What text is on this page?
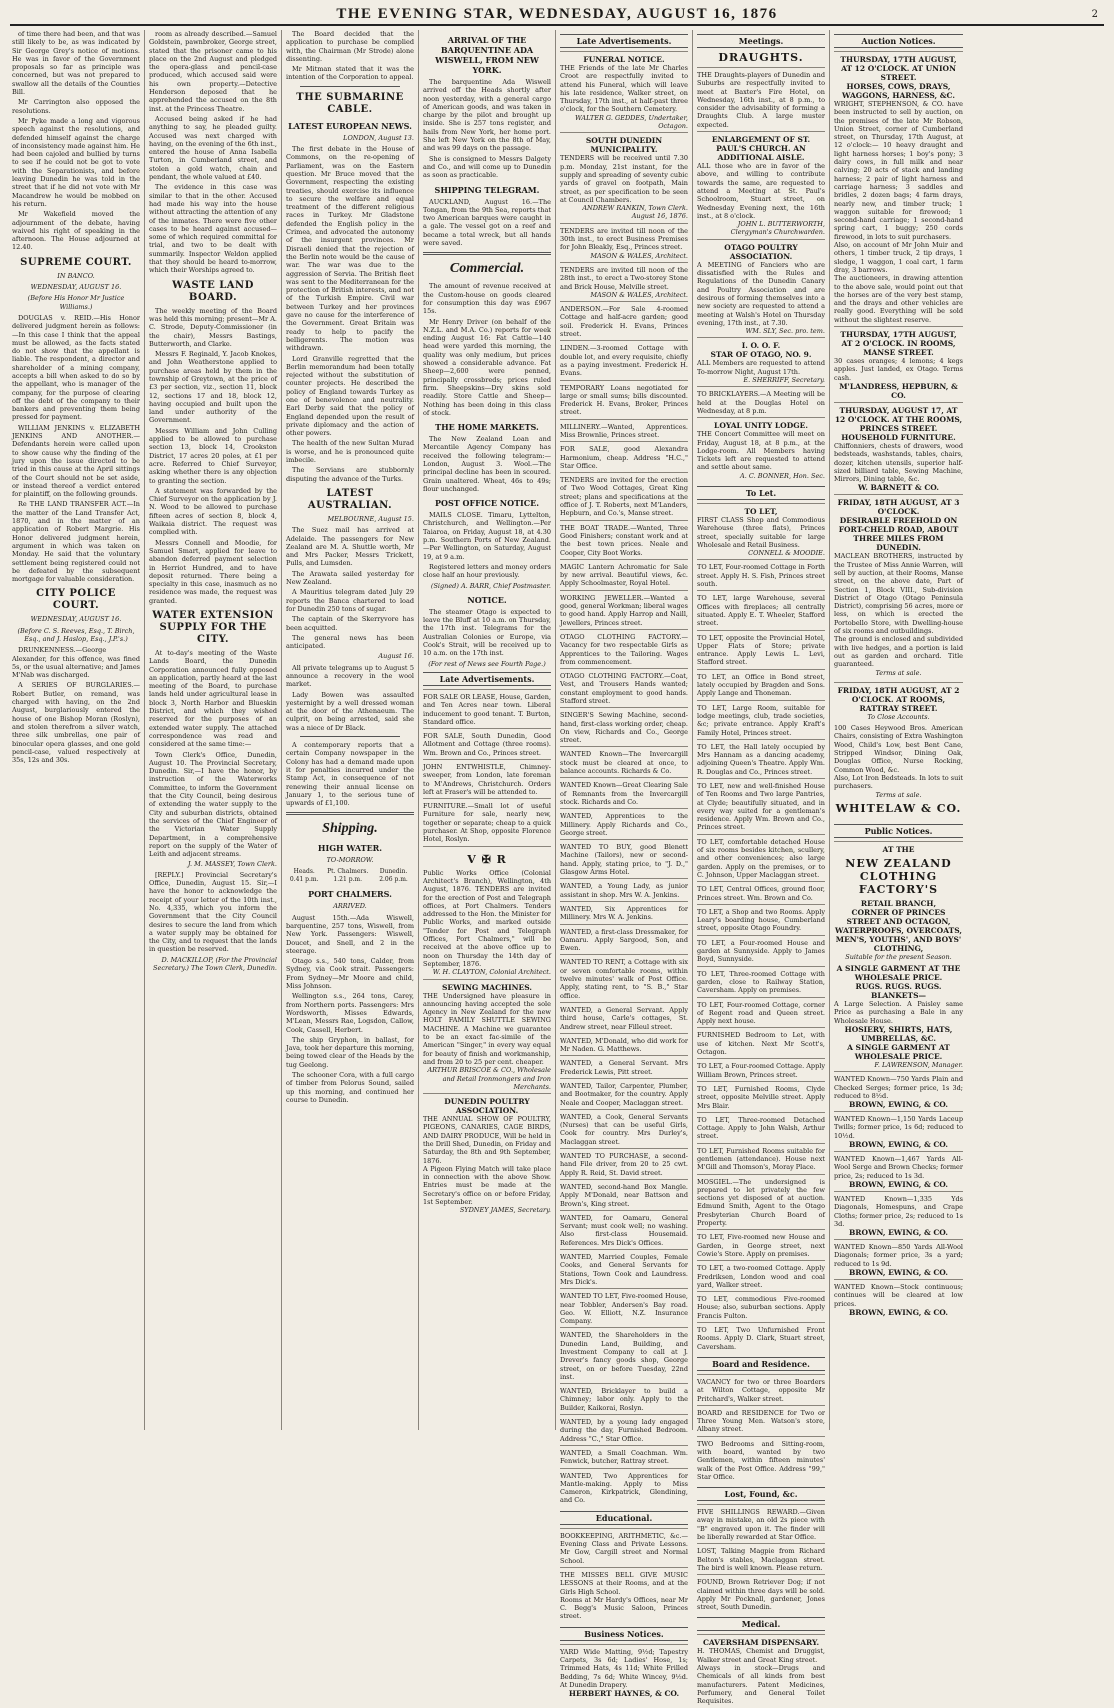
THE EVENING STAR, WEDNESDAY, AUGUST 16, 1876	2

of time there had been, and that was still likely to be, as was indicated by Sir George Grey's notice of motions. He was in favor of the Government proposals so far as principle was concerned, but was not prepared to swallow all the details of the Counties Bill.

Mr Carrington also opposed the resolutions.

Mr Pyke made a long and vigorous speech against the resolutions, and defended himself against the charge of inconsistency made against him. He had been cajoled and bullied by turns to see if he could not be got to vote with the Separationists, and before leaving Dunedin he was told in the street that if he did not vote with Mr Macandrew he would be mobbed on his return.

Mr Wakefield moved the adjournment of the debate, having waived his right of speaking in the afternoon. The House adjourned at 12.40.

SUPREME COURT.
IN BANCO.
WEDNESDAY, AUGUST 16.
(Before His Honor Mr Justice Williams.)

DOUGLAS v. REID.—His Honor delivered judgment herein as follows:—In this case I think that the appeal must be allowed, as the facts stated do not show that the appellant is liable. The respondent, a director and shareholder of a mining company, accepts a bill when asked to do so by the appellant, who is manager of the company, for the purpose of clearing off the debt of the company to their bankers and preventing them being pressed for payment.

WILLIAM JENKINS v. ELIZABETH JENKINS AND ANOTHER.—Defendants herein were called upon to show cause why the finding of the jury upon the issue directed to be tried in this cause at the April sittings of the Court should not be set aside, or instead thereof a verdict entered for plaintiff, on the following grounds.

Re THE LAND TRANSFER ACT.—In the matter of the Land Transfer Act, 1870, and in the matter of an application of Robert Margrie. His Honor delivered judgment herein, argument in which was taken on Monday. He said that the voluntary settlement being registered could not be defeated by the subsequent mortgage for valuable consideration.

CITY POLICE COURT.
WEDNESDAY, AUGUST 16.
(Before C. S. Reeves, Esq., T. Birch, Esq., and J. Haslop, Esq., J.P.'s.)

DRUNKENNESS.—George Alexander, for this offence, was fined 5s, or the usual alternative; and James M'Nab was discharged.

A SERIES OF BURGLARIES.—Robert Butler, on remand, was charged with having, on the 2nd August, burglariously entered the house of one Bishop Moran (Roslyn), and stolen therefrom a silver watch, three silk umbrellas, one pair of binocular opera glasses, and one gold pencil-case, valued respectively at 35s, 12s and 30s.

room as already described.—Samuel Goldstein, pawnbroker, George street, stated that the prisoner came to his place on the 2nd August and pledged the opera-glass and pencil-case produced, which accused said were his own property.—Detective Henderson deposed that he apprehended the accused on the 8th inst. at the Princess Theatre.

Accused being asked if he had anything to say, he pleaded guilty. Accused was next charged with having, on the evening of the 6th inst., entered the house of Anna Isabella Turton, in Cumberland street, and stolen a gold watch, chain and pendant, the whole valued at £40.

The evidence in this case was similar to that in the other. Accused had made his way into the house without attracting the attention of any of the inmates. There were five other cases to be heard against accused—some of which required committal for trial, and two to be dealt with summarily. Inspector Weldon applied that they should be heard to-morrow, which their Worships agreed to.

WASTE LAND BOARD.

The weekly meeting of the Board was held this morning; present—Mr A. C. Strode, Deputy-Commissioner (in the chair), Messrs Bastings, Butterworth, and Clarke.

Messrs F. Reginald, Y. Jacob Knokes, and John Weatherstone applied to purchase areas held by them in the township of Greytown, at the price of £3 per section, viz., section 11, block 12, sections 17 and 18, block 12, having occupied and built upon the land under authority of the Government.

Messrs William and John Culling applied to be allowed to purchase section 13, block 14, Crookston District, 17 acres 20 poles, at £1 per acre. Referred to Chief Surveyor, asking whether there is any objection to granting the section.

A statement was forwarded by the Chief Surveyor on the application by J. N. Wood to be allowed to purchase fifteen acres of section 8, block 4, Waikaia district. The request was complied with.

Messrs Connell and Moodie, for Samuel Smart, applied for leave to abandon deferred payment selection in Herriot Hundred, and to have deposit returned. There being a specialty in this case, inasmuch as no residence was made, the request was granted.

WATER EXTENSION SUPPLY FOR THE CITY.

At to-day's meeting of the Waste Lands Board, the Dunedin Corporation announced fully opposed an application, partly heard at the last meeting of the Board, to purchase lands held under agricultural lease in block 3, North Harbor and Blueskin District, and which they wished reserved for the purposes of an extended water supply. The attached correspondence was read and considered at the same time:—

Town Clerk's Office, Dunedin, August 10. The Provincial Secretary, Dunedin. Sir,—I have the honor, by instruction of the Waterworks Committee, to inform the Government that the City Council, being desirous of extending the water supply to the City and suburban districts, obtained the services of the Chief Engineer of the Victorian Water Supply Department, in a comprehensive report on the supply of the Water of Leith and adjacent streams.

J. M. MASSEY, Town Clerk.

[REPLY.] Provincial Secretary's Office, Dunedin, August 15. Sir,—I have the honor to acknowledge the receipt of your letter of the 10th inst., No. 4,335, which you inform the Government that the City Council desires to secure the land from which a water supply may be obtained for the City, and to request that the lands in question be reserved.

D. MACKILLOP, (For the Provincial Secretary.) The Town Clerk, Dunedin.

The Board decided that the application to purchase be complied with, the Chairman (Mr Strode) alone dissenting.

Mr Mitman stated that it was the intention of the Corporation to appeal.

THE SUBMARINE CABLE.
LATEST EUROPEAN NEWS.
LONDON, August 13.

The first debate in the House of Commons, on the re-opening of Parliament, was on the Eastern question. Mr Bruce moved that the Government, respecting the existing treaties, should exercise its influence to secure the welfare and equal treatment of the different religious races in Turkey. Mr Gladstone defended the English policy in the Crimea, and advocated the autonomy of the insurgent provinces. Mr Disraeli denied that the rejection of the Berlin note would be the cause of war. The war was due to the aggression of Servia. The British fleet was sent to the Mediterranean for the protection of British interests, and not of the Turkish Empire. Civil war between Turkey and her provinces gave no cause for the interference of the Government. Great Britain was ready to help to pacify the belligerents. The motion was withdrawn.

Lord Granville regretted that the Berlin memorandum had been totally rejected without the substitution of counter projects. He described the policy of England towards Turkey as one of benevolence and neutrality. Earl Derby said that the policy of England depended upon the result of private diplomacy and the action of other powers.

The health of the new Sultan Murad is worse, and he is pronounced quite imbecile.

The Servians are stubbornly disputing the advance of the Turks.

LATEST AUSTRALIAN.
MELBOURNE, August 15.

The Suez mail has arrived at Adelaide. The passengers for New Zealand are M. A. Shuttle worth, Mr and Mrs Packer, Messrs Trickett, Pulls, and Lumsden.

The Arawata sailed yesterday for New Zealand.

A Mauritius telegram dated July 29 reports the Banca chartered to load for Dunedin 250 tons of sugar.

The captain of the Skerryvore has been acquitted.

The general news has been anticipated.

August 16.

All private telegrams up to August 5 announce a recovery in the wool market.

Lady Bowen was assaulted yesternight by a well dressed woman at the door of the Athenaeum. The culprit, on being arrested, said she was a niece of Dr Black.

A contemporary reports that a certain Company nowspaper in the Colony has had a demand made upon it for penalties incurred under the Stamp Act, in consequence of not renewing their annual license on January 1, to the serious tune of upwards of £1,100.

Shipping.
HIGH WATER.
TO-MORROW.
Heads. 0.41 p.m.
Pt. Chalmers. 1.21 p.m.
Dunedin. 2.06 p.m.
PORT CHALMERS.
ARRIVED.

August 15th.—Ada Wiswell, barquentine, 257 tons, Wiswell, from New York. Passengers: Wiswell, Doucet, and Snell, and 2 in the steerage.

Otago s.s., 540 tons, Calder, from Sydney, via Cook strait. Passengers: From Sydney—Mr Moore and child, Miss Johnson.

Wellington s.s., 264 tons, Carey, from Northern ports. Passengers: Mrs Wordsworth, Misses Edwards, M'Lean, Messrs Rae, Logsdon, Callow, Cook, Cassell, Herbert.

The ship Gryphon, in ballast, for Java, took her departure this morning, being towed clear of the Heads by the tug Geelong.

The schooner Cora, with a full cargo of timber from Pelorus Sound, sailed up this morning, and continued her course to Dunedin.

ARRIVAL OF THE BARQUENTINE ADA WISWELL, FROM NEW YORK.

The barquentine Ada Wiswell arrived off the Heads shortly after noon yesterday, with a general cargo of American goods, and was taken in charge by the pilot and brought up inside. She is 257 tons register, and hails from New York, her home port. She left New York on the 8th of May, and was 99 days on the passage.

She is consigned to Messrs Dalgety and Co., and will come up to Dunedin as soon as practicable.

SHIPPING TELEGRAM.

AUCKLAND, August 16.—The Tongan, from the 9th Sea, reports that two American barques were caught in a gale. The vessel got on a reef and became a total wreck, but all hands were saved.

Commercial.

The amount of revenue received at the Custom-house on goods cleared for consumption this day was £967 15s.

Mr Henry Driver (on behalf of the N.Z.L. and M.A. Co.) reports for week ending August 16: Fat Cattle—140 head were yarded this morning, the quality was only medium, but prices showed a considerable advance. Fat Sheep—2,600 were penned, principally crossbreds; prices ruled firm. Sheepskins—Dry skins sold readily. Store Cattle and Sheep—Nothing has been doing in this class of stock.

THE HOME MARKETS.

The New Zealand Loan and Mercantile Agency Company has received the following telegram:— London, August 3. Wool.—The principal decline has been in scoured. Grain unaltered. Wheat, 46s to 49s; flour unchanged.

POST OFFICE NOTICE.

MAILS CLOSE. Timaru, Lyttelton, Christchurch, and Wellington.—Per Taiaroa, on Friday, August 18, at 4.30 p.m. Southern Ports of New Zealand.—Per Wellington, on Saturday, August 19, at 9 a.m.

Registered letters and money orders close half an hour previously.

(Signed) A. BARR, Chief Postmaster.

NOTICE.

The steamer Otago is expected to leave the Bluff at 10 a.m. on Thursday, the 17th inst. Telegrams for the Australian Colonies or Europe, via Cook's Strait, will be received up to 10 a.m. on the 17th inst.

(For rest of News see Fourth Page.)
Late Advertisements.
FOR SALE OR LEASE, House, Garden, and Ten Acres near town. Liberal inducement to good tenant. T. Burton, Standard office.
FOR SALE, South Dunedin, Good Allotment and Cottage (three rooms). Wm. Brown and Co., Princes street.
JOHN ENTWHISTLE, Chimney-sweeper, from London, late foreman to M'Andrews, Christchurch. Orders left at Fraser's will be attended to.
FURNITURE.—Small lot of useful Furniture for sale, nearly new, together or separate; cheap to a quick purchaser. At Shop, opposite Florence Hotel, Roslyn.
V ✠ R
Public Works Office (Colonial Architect's Branch), Wellington, 4th August, 1876. TENDERS are invited for the erection of Post and Telegraph offices, at Port Chalmers. Tenders addressed to the Hon. the Minister for Public Works, and marked outside "Tender for Post and Telegraph Offices, Port Chalmers," will be received at the above office up to noon on Thursday the 14th day of September, 1876.
W. H. CLAYTON, Colonial Architect.
SEWING MACHINES.
THE Undersigned have pleasure in announcing having accepted the sole Agency in New Zealand for the new HOLT FAMILY SHUTTLE SEWING MACHINE. A Machine we guarantee to be an exact fac-simile of the American "Singer," in every way equal for beauty of finish and workmanship, and from 20 to 25 per cent. cheaper.
ARTHUR BRISCOE & CO., Wholesale and Retail Ironmongers and Iron Merchants.
DUNEDIN POULTRY ASSOCIATION.
THE ANNUAL SHOW OF POULTRY, PIGEONS, CANARIES, CAGE BIRDS, AND DAIRY PRODUCE, Will be held in the Drill Shed, Dunedin, on Friday and Saturday, the 8th and 9th September, 1876.
A Pigeon Flying Match will take place in connection with the above Show. Entries must be made at the Secretary's office on or before Friday, 1st September.
SYDNEY JAMES, Secretary.
Late Advertisements.
FUNERAL NOTICE.
THE Friends of the late Mr Charles Croot are respectfully invited to attend his Funeral, which will leave his late residence, Walker street, on Thursday, 17th inst., at half-past three o'clock, for the Southern Cemetery.
WALTER G. GEDDES, Undertaker, Octagon.
SOUTH DUNEDIN MUNICIPALITY.
TENDERS will be received until 7.30 p.m. Monday, 21st instant, for the supply and spreading of seventy cubic yards of gravel on footpath, Main street, as per specification to be seen at Council Chambers.
ANDREW RANKIN, Town Clerk. August 16, 1876.
TENDERS are invited till noon of the 30th inst., to erect Business Premises for John Bleakly, Esq., Princes street.
MASON & WALES, Architect.
TENDERS are invited till noon of the 28th inst., to erect a Two-storey Stone and Brick House, Melville street.
MASON & WALES, Architect.
ANDERSON.—For Sale 4-roomed Cottage and half-acre garden; good soil. Frederick H. Evans, Princes street.
LINDEN.—3-roomed Cottage with double lot, and every requisite, chiefly as a paying investment. Frederick H. Evans.
TEMPORARY Loans negotiated for large or small sums; bills discounted. Frederick H. Evans, Broker, Princes street.
MILLINERY.—Wanted, Apprentices. Miss Brownlie, Princes street.
FOR SALE, good Alexandra Harmonium, cheap. Address "H.C.," Star Office.
TENDERS are invited for the erection of Two Wood Cottages, Great King street; plans and specifications at the office of J. T. Roberts, next M'Landers, Hepburn, and Co.'s, Manse street.
THE BOAT TRADE.—Wanted, Three Good Finishers; constant work and at the best town prices. Neale and Cooper, City Boot Works.
MAGIC Lantern Achromatic for Sale by new arrival. Beautiful views, &c. Apply Schoolmaster, Royal Hotel.
WORKING JEWELLER.—Wanted a good, general Workman; liberal wages to good hand. Apply Harrop and Naill, Jewellers, Princes street.
OTAGO CLOTHING FACTORY.—Vacancy for two respectable Girls as Apprentices to the Tailoring. Wages from commencement.
OTAGO CLOTHING FACTORY.—Coat, Vest, and Trousers Hands wanted; constant employment to good hands. Stafford street.
SINGER'S Sewing Machine, second-hand, first-class working order, cheap. On view, Richards and Co., George street.
WANTED Known—The Invercargill stock must be cleared at once, to balance accounts. Richards & Co.
WANTED Known—Great Clearing Sale of Remnants from the Invercargill stock. Richards and Co.
WANTED, Apprentices to the Millinery. Apply Richards and Co., George street.
WANTED TO BUY, good Blenett Machine (Tailors), new or second-hand. Apply, stating price, to "J. D.," Glasgow Arms Hotel.
WANTED, a Young Lady, as junior assistant in shop. Mrs W. A. Jenkins.
WANTED, Six Apprentices for Millinery. Mrs W. A. Jenkins.
WANTED, a first-class Dressmaker, for Oamaru. Apply Sargood, Son, and Ewen.
WANTED TO RENT, a Cottage with six or seven comfortable rooms, within twelve minutes' walk of Post Office. Apply, stating rent, to "S. B.," Star office.
WANTED, a General Servant. Apply third house, Carle's cottages, St. Andrew street, near Filleul street.
WANTED, M'Donald, who did work for Mr Naden. G. Matthews.
WANTED, a General Servant. Mrs Frederick Lewis, Pitt street.
WANTED, Tailor, Carpenter, Plumber, and Bootmaker, for the country. Apply Neale and Cooper, Maclaggan street.
WANTED, a Cook, General Servants (Nurses) that can be useful Girls, Cook for country. Mrs Durley's, Maclaggan street.
WANTED TO PURCHASE, a second-hand File driver, from 20 to 25 cwt. Apply R. Reid, St. David street.
WANTED, second-hand Box Mangle. Apply M'Donald, near Battson and Brown's, King street.
WANTED, for Oamaru, General Servant; must cook well; no washing. Also first-class Housemaid. References. Mrs Dick's Offices.
WANTED, Married Couples, Female Cooks, and General Servants for Stations, Town Cook and Laundress. Mrs Dick's.
WANTED TO LET, Five-roomed House, near Tobbler, Andersen's Bay road. Geo. W. Elliott, N.Z. Insurance Company.
WANTED, the Shareholders in the Dunedin Land, Building, and Investment Company to call at J. Drever's fancy goods shop, George street, on or before Tuesday, 22nd inst.
WANTED, Bricklayer to build a Chimney; labor only. Apply to the Builder, Kaikorai, Roslyn.
WANTED, by a young lady engaged during the day, Furnished Bedroom. Address "C.," Star Office.
WANTED, a Small Coachman. Wm. Fenwick, butcher, Rattray street.
WANTED, Two Apprentices for Mantle-making. Apply to Miss Cameron, Kirkpatrick, Glendining, and Co.
Educational.
BOOKKEEPING, ARITHMETIC, &c.— Evening Class and Private Lessons. Mr Gow, Cargill street and Normal School.
THE MISSES BELL GIVE MUSIC LESSONS at their Rooms, and at the Girls High School.
Rooms at Mr Hardy's Offices, near Mr C. Begg's Music Saloon, Princes street.
Business Notices.
YARD Wide Matting, 9½d; Tapestry Carpets, 3s 6d; Ladies' Hose, 1s; Trimmed Hats, 4s 11d; White Frilled Bedding, 7s 6d; White Wincey, 9½d. At Dunedin Drapery.
HERBERT HAYNES, & CO.
Meetings.
DRAUGHTS.
THE Draughts-players of Dunedin and Suburbs are respectfully invited to meet at Baxter's Fire Hotel, on Wednesday, 16th inst., at 8 p.m., to consider the advisability of forming a Draughts Club. A large muster expected.
ENLARGEMENT OF ST. PAUL'S CHURCH. AN ADDITIONAL AISLE.
ALL those who are in favor of the above, and willing to contribute towards the same, are requested to attend a Meeting at St. Paul's Schoolroom, Stuart street, on Wednesday Evening next, the 16th inst., at 8 o'clock.
JOHN L. BUTTERWORTH, Clergyman's Churchwarden.
OTAGO POULTRY ASSOCIATION.
A MEETING of Fanciers who are dissatisfied with the Rules and Regulations of the Dunedin Canary and Poultry Association and are desirous of forming themselves into a new society are requested to attend a meeting at Walsh's Hotel on Thursday evening, 17th inst., at 7.30.
WM. SLY, Sec. pro. tem.
I. O. O. F.
STAR OF OTAGO, NO. 9.
ALL Members are requested to attend To-morrow Night, August 17th.
E. SHERRIFF, Secretary.
TO BRICKLAYERS.—A Meeting will be held at the Douglas Hotel on Wednesday, at 8 p.m.
LOYAL UNITY LODGE.
THE Concert Committee will meet on Friday, August 18, at 8 p.m., at the Lodge-room. All Members having Tickets left are requested to attend and settle about same.
A. C. BONNER, Hon. Sec.
To Let.
TO LET,
FIRST CLASS Shop and Commodious Warehouse (three flats), Princes street, specially suitable for large Wholesale and Retail Business.
CONNELL & MOODIE.
TO LET, Four-roomed Cottage in Forth street. Apply H. S. Fish, Princes street south.
TO LET, large Warehouse, several Offices with fireplaces; all centrally situated. Apply E. T. Wheeler, Stafford street.
TO LET, opposite the Provincial Hotel, Upper Flats of Store; private entrance. Apply Lewis L. Levi, Stafford street.
TO LET, an Office in Bond street, lately occupied by Bragden and Sons. Apply Lange and Thoneman.
TO LET, Large Room, suitable for lodge meetings, club, trade societies, &c; private entrance. Apply Kraft's Family Hotel, Princes street.
TO LET, the Hall lately occupied by Mrs Hannam as a dancing academy, adjoining Queen's Theatre. Apply Wm. R. Douglas and Co., Princes street.
TO LET, new and well-finished House of Ten Rooms and Two large Pantries, at Clyde; beautifully situated, and in every way suited for a gentleman's residence. Apply Wm. Brown and Co., Princes street.
TO LET, comfortable detached House of six rooms besides kitchen, scullery, and other conveniences; also large garden. Apply on the premises, or to C. Johnson, Upper Maclaggan street.
TO LET, Central Offices, ground floor, Princes street. Wm. Brown and Co.
TO LET, a Shop and two Rooms. Apply Leary's boarding house, Cumberland street, opposite Otago Foundry.
TO LET, a Four-roomed House and garden at Sunnyside. Apply to James Boyd, Sunnyside.
TO LET, Three-roomed Cottage with garden, close to Railway Station, Caversham. Apply on premises.
TO LET, Four-roomed Cottage, corner of Regent road and Queen street. Apply next house.
FURNISHED Bedroom to Let, with use of kitchen. Next Mr Scott's, Octagon.
TO LET, a Four-roomed Cottage. Apply William Brown, Princes street.
TO LET, Furnished Rooms, Clyde street, opposite Melville street. Apply Mrs Blair.
TO LET, Three-roomed Detached Cottage. Apply to John Walsh, Arthur street.
TO LET, Furnished Rooms suitable for gentlemen (attendance). House next M'Gill and Thomson's, Moray Place.
MOSGIEL.—The undersigned is prepared to let privately the few sections yet disposed of at auction. Edmund Smith, Agent to the Otago Presbyterian Church Board of Property.
TO LET, Five-roomed new House and Garden, in George street, next Cowie's Store. Apply on premises.
TO LET, a two-roomed Cottage. Apply Fredriksen, London wood and coal yard, Walker street.
TO LET, commodious Five-roomed House; also, suburban sections. Apply Francis Fulton.
TO LET, Two Unfurnished Front Rooms. Apply D. Clark, Stuart street, Caversham.
Board and Residence.
VACANCY for two or three Boarders at Wilton Cottage, opposite Mr Pritchard's, Walker street.
BOARD and RESIDENCE for Two or Three Young Men. Watson's store, Albany street.
TWO Bedrooms and Sitting-room, with board, wanted by two Gentlemen, within fifteen minutes' walk of the Post Office. Address "99," Star Office.
Lost, Found, &c.
FIVE SHILLINGS REWARD.—Given away in mistake, an old 2s piece with "B" engraved upon it. The finder will be liberally rewarded at Star Office.
LOST, Talking Magpie from Richard Belton's stables, Maclaggan street. The bird is well known. Please return.
FOUND, Brown Retriever Dog; if not claimed within three days will be sold. Apply Mr Pocknall, gardener, Jones street, South Dunedin.
Medical.
CAVERSHAM DISPENSARY.
H. THOMAS, Chemist and Druggist, Walker street and Great King street.
Always in stock—Drugs and Chemicals of all kinds from best manufacturers. Patent Medicines, Perfumery, and General Toilet Requisites.
Auction Notices.
THURSDAY, 17TH AUGUST, AT 12 O'CLOCK. AT UNION STREET.
HORSES, COWS, DRAYS, WAGGONS, HARNESS, &C.
WRIGHT, STEPHENSON, & CO. have been instructed to sell by auction, on the premises of the late Mr Robson, Union Street, corner of Cumberland street, on Thursday, 17th August, at 12 o'clock:— 10 heavy draught and light harness horses; 1 boy's pony; 3 dairy cows, in full milk and near calving; 20 acts of stack and landing harness; 2 pair of light harness and carriage harness; 3 saddles and bridles, 2 dozen bags; 4 farm drays, nearly new, and timber truck; 1 waggon suitable for firewood; 1 second-hand carriage; 1 second-hand spring cart, 1 buggy; 250 cords firewood, in lots to suit purchasers.
Also, on account of Mr John Muir and others, 1 timber truck, 2 tip drays, 1 sledge, 1 waggon, 1 coal cart, 1 farm dray, 3 barrows.
The auctioneers, in drawing attention to the above sale, would point out that the horses are of the very best stamp, and the drays and other vehicles are really good. Everything will be sold without the slightest reserve.
THURSDAY, 17TH AUGUST, AT 2 O'CLOCK. IN ROOMS, MANSE STREET.
30 cases oranges; 4 lemons; 4 kegs apples. Just landed, ex Otago. Terms cash.
M'LANDRESS, HEPBURN, & CO.
THURSDAY, AUGUST 17, AT 12 O'CLOCK. AT THE ROOMS, PRINCES STREET.
HOUSEHOLD FURNITURE.
Chiffonniers, chests of drawers, wood bedsteads, washstands, tables, chairs, dozer, kitchen utensils, superior half-sized billiard table, Sewing Machine, Mirrors, Dining table, &c.
W. BARNETT & CO.
FRIDAY, 18TH AUGUST, AT 3 O'CLOCK.
DESIRABLE FREEHOLD ON FORT-CHELD ROAD, ABOUT THREE MILES FROM DUNEDIN.
MACLEAN BROTHERS, instructed by the Trustee of Miss Annie Warren, will sell by auction, at their Rooms, Manse street, on the above date, Part of Section 1, Block VIII., Sub-division District of Otago (Otago Peninsula District), comprising 56 acres, more or less, on which is erected the Portobello Store, with Dwelling-house of six rooms and outbuildings.
The ground is enclosed and subdivided with live hedges, and a portion is laid out as garden and orchard. Title guaranteed.
Terms at sale.
FRIDAY, 18TH AUGUST, AT 2 O'CLOCK. AT ROOMS, RATTRAY STREET.
To Close Accounts.
100 Cases Heywood Bros. American Chairs, consisting of Extra Washington Wood, Child's Low, best Bent Cane, Stripped Windsor, Dining Oak, Douglas Office, Nurse Rocking, Common Wood, &c.
Also, Lot Iron Bedsteads. In lots to suit purchasers.
Terms at sale.
WHITELAW & CO.
Public Notices.
AT THE
NEW ZEALAND CLOTHING FACTORY'S
RETAIL BRANCH,
CORNER OF PRINCES STREET AND OCTAGON,
WATERPROOFS, OVERCOATS, MEN'S, YOUTHS', AND BOYS' CLOTHING,
Suitable for the present Season.
A SINGLE GARMENT AT THE WHOLESALE PRICE.
RUGS. RUGS. RUGS.
BLANKETS—
A Large Selection. A Paisley same Price as purchasing a Bale in any Wholesale House.
HOSIERY, SHIRTS, HATS, UMBRELLAS, &C.
A SINGLE GARMENT AT WHOLESALE PRICE.
F. LAWRENSON, Manager.
WANTED Known—750 Yards Plain and Checked Serges; former price, 1s 3d; reduced to 8½d.
BROWN, EWING, & CO.
WANTED Known—1,150 Yards Laceup Twills; former price, 1s 6d; reduced to 10½d.
BROWN, EWING, & CO.
WANTED Known—1,467 Yards All-Wool Serge and Brown Checks; former price, 2s; reduced to 1s 3d.
BROWN, EWING, & CO.
WANTED Known—1,335 Yds Diagonals, Homespuns, and Crape Cloths; former price, 2s; reduced to 1s 3d.
BROWN, EWING, & CO.
WANTED Known—850 Yards All-Wool Diagonals; former price, 3s a yard; reduced to 1s 9d.
BROWN, EWING, & CO.
WANTED Known—Stock continuous; continues will be cleared at low prices.
BROWN, EWING, & CO.
